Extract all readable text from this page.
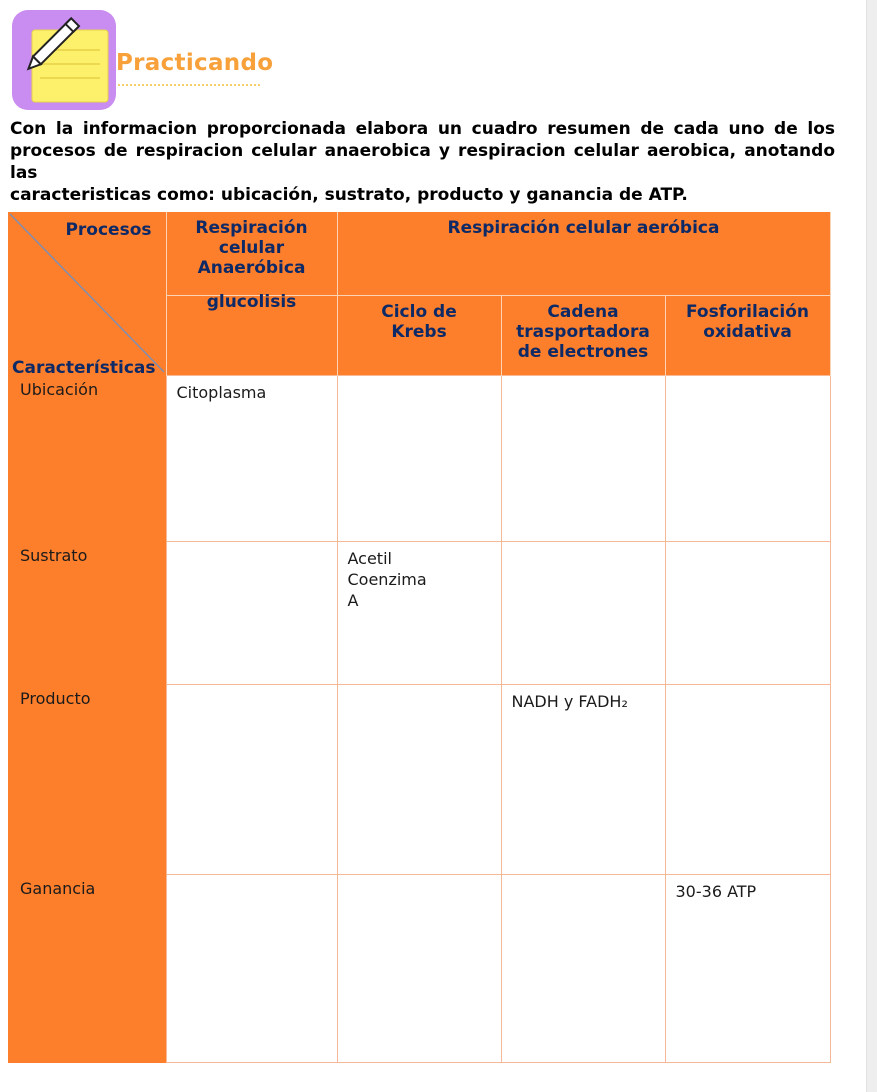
Practicando
Con la informacion proporcionada elabora un cuadro resumen de cada uno de los
procesos de respiracion celular anaerobica y respiracion celular aerobica, anotando las
caracteristicas como: ubicación, sustrato, producto y ganancia de ATP.
Procesos
Características	Respiración celular Anaeróbica	Respiración celular aeróbica		

	glucolisis	Ciclo de Krebs	Cadena trasportadora de electrones	Fosforilación oxidativa

Ubicación	Citoplasma			
Sustrato		Acetil Coenzima A		
Producto			NADH y FADH₂	
Ganancia				30-36 ATP
